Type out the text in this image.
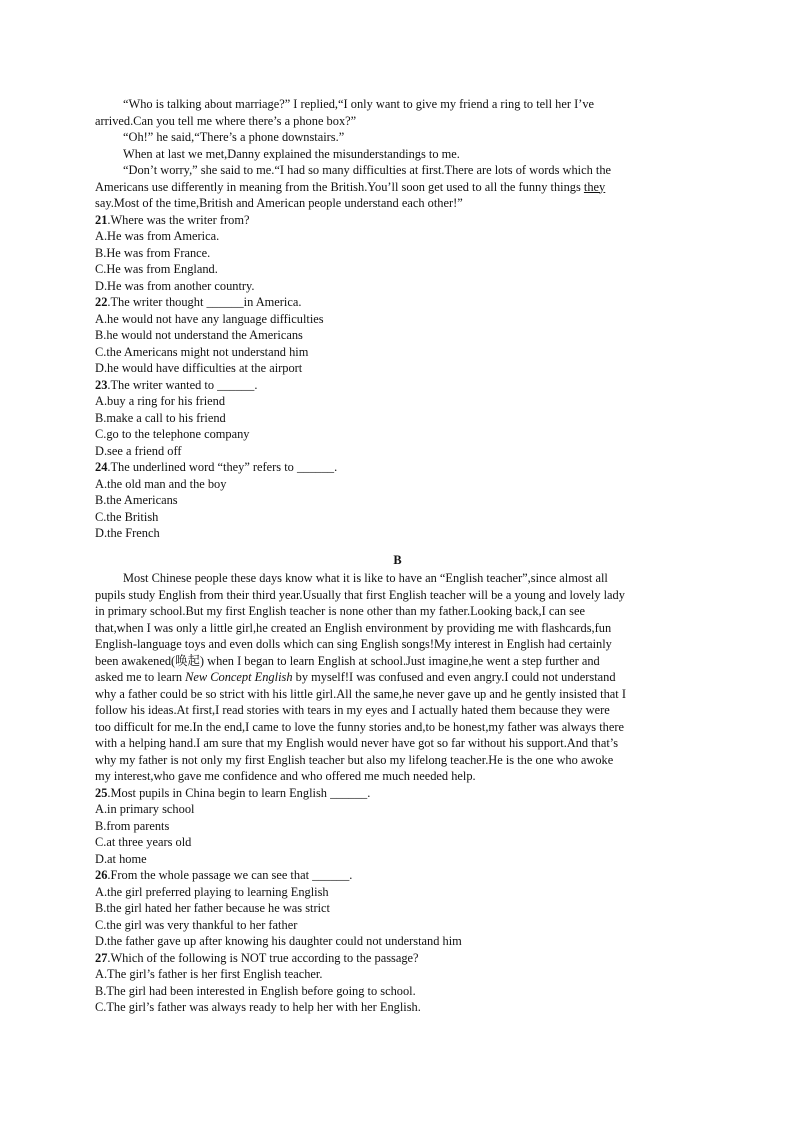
“Who is talking about marriage?” I replied,“I only want to give my friend a ring to tell her I’ve

arrived.Can you tell me where there’s a phone box?”

“Oh!” he said,“There’s a phone downstairs.”

When at last we met,Danny explained the misunderstandings to me.

“Don’t worry,” she said to me.“I had so many difficulties at first.There are lots of words which the

Americans use differently in meaning from the British.You’ll soon get used to all the funny things they

say.Most of the time,British and American people understand each other!”

21.Where was the writer from?

A.He was from America.

B.He was from France.

C.He was from England.

D.He was from another country.

22.The writer thought ______in America.

A.he would not have any language difficulties

B.he would not understand the Americans

C.the Americans might not understand him

D.he would have difficulties at the airport

23.The writer wanted to ______.

A.buy a ring for his friend

B.make a call to his friend

C.go to the telephone company

D.see a friend off

24.The underlined word “they” refers to ______.

A.the old man and the boy

B.the Americans

C.the British

D.the French

B

Most Chinese people these days know what it is like to have an “English teacher”,since almost all

pupils study English from their third year.Usually that first English teacher will be a young and lovely lady

in primary school.But my first English teacher is none other than my father.Looking back,I can see

that,when I was only a little girl,he created an English environment by providing me with flashcards,fun

English-language toys and even dolls which can sing English songs!My interest in English had certainly

been awakened(唤起) when I began to learn English at school.Just imagine,he went a step further and

asked me to learn New Concept English by myself!I was confused and even angry.I could not understand

why a father could be so strict with his little girl.All the same,he never gave up and he gently insisted that I

follow his ideas.At first,I read stories with tears in my eyes and I actually hated them because they were

too difficult for me.In the end,I came to love the funny stories and,to be honest,my father was always there

with a helping hand.I am sure that my English would never have got so far without his support.And that’s

why my father is not only my first English teacher but also my lifelong teacher.He is the one who awoke

my interest,who gave me confidence and who offered me much needed help.

25.Most pupils in China begin to learn English ______.

A.in primary school

B.from parents

C.at three years old

D.at home

26.From the whole passage we can see that ______.

A.the girl preferred playing to learning English

B.the girl hated her father because he was strict

C.the girl was very thankful to her father

D.the father gave up after knowing his daughter could not understand him

27.Which of the following is NOT true according to the passage?

A.The girl’s father is her first English teacher.

B.The girl had been interested in English before going to school.

C.The girl’s father was always ready to help her with her English.
